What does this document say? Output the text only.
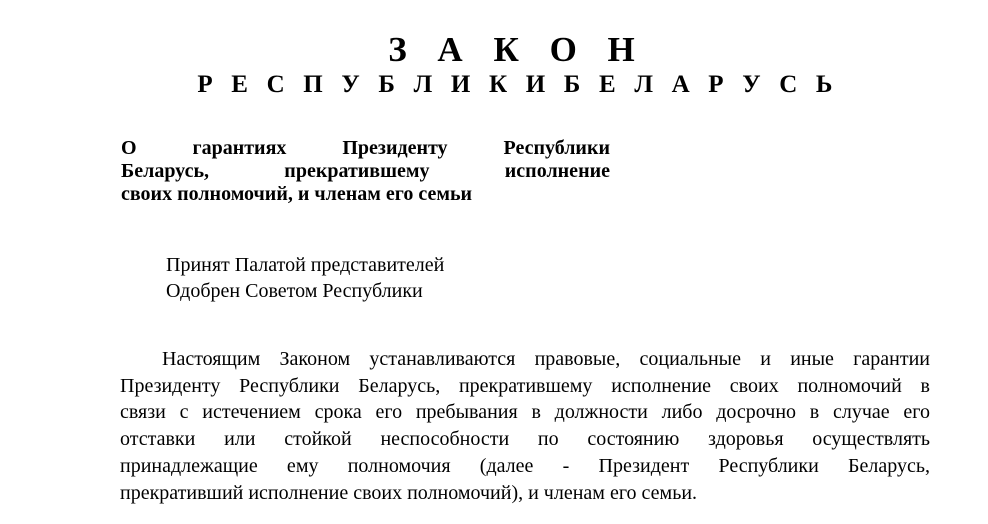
З А К О Н
Р Е С П У Б Л И К И Б Е Л А Р У С Ь
О гарантиях Президенту Республики
Беларусь, прекратившему исполнение
своих полномочий, и членам его семьи
Принят Палатой представителей
Одобрен Советом Республики
Настоящим Законом устанавливаются правовые, социальные и иные гарантии
Президенту Республики Беларусь, прекратившему исполнение своих полномочий в
связи с истечением срока его пребывания в должности либо досрочно в случае его
отставки или стойкой неспособности по состоянию здоровья осуществлять
принадлежащие ему полномочия (далее - Президент Республики Беларусь,
прекративший исполнение своих полномочий), и членам его семьи.
